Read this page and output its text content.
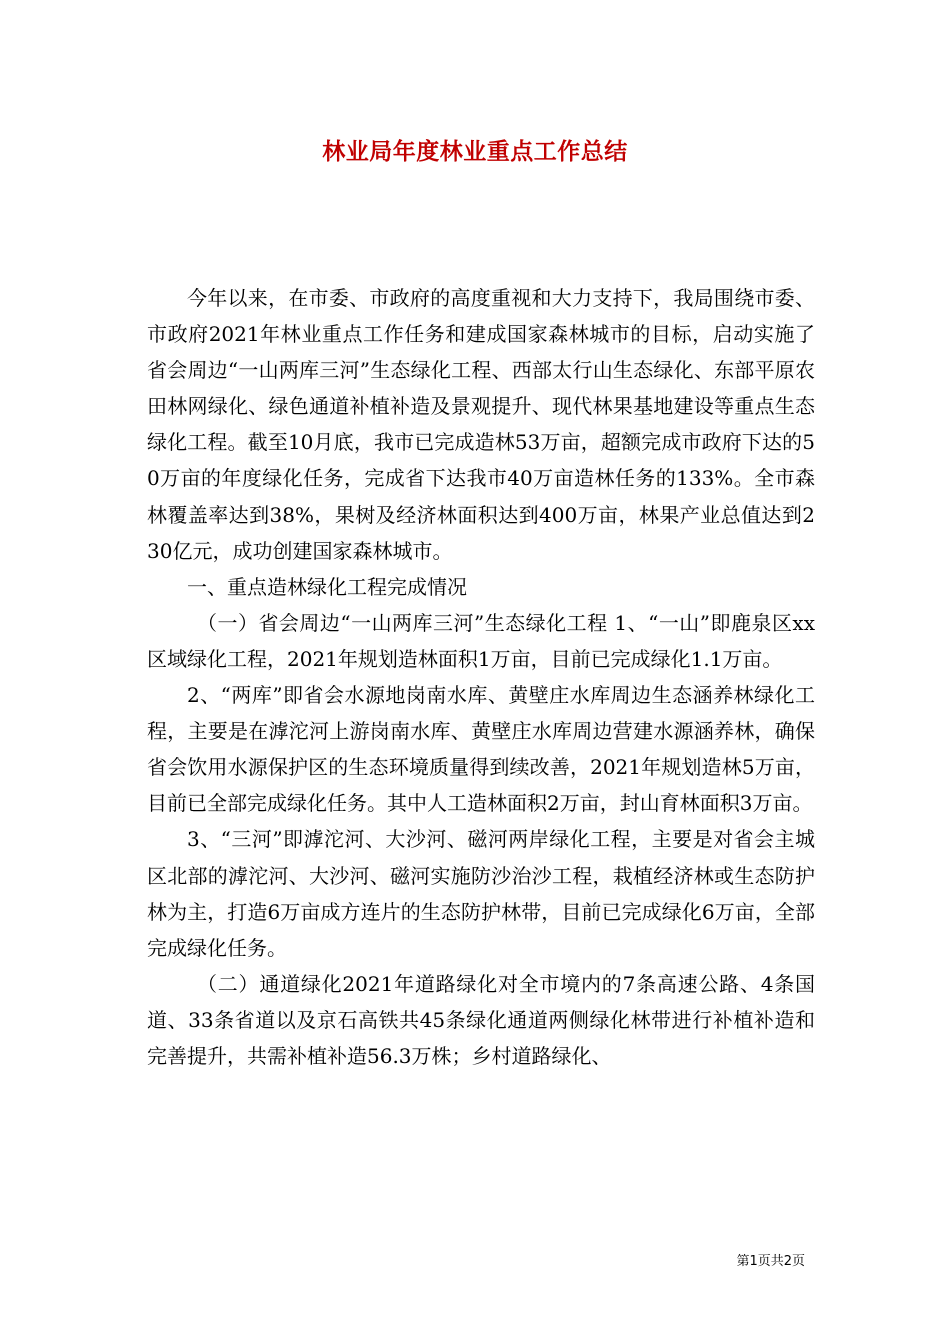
林业局年度林业重点工作总结

今年以来，在市委、市政府的高度重视和大力支持下，我局围绕市委、市政府2021年林业重点工作任务和建成国家森林城市的目标，启动实施了省会周边“一山两库三河”生态绿化工程、西部太行山生态绿化、东部平原农田林网绿化、绿色通道补植补造及景观提升、现代林果基地建设等重点生态绿化工程。截至10月底，我市已完成造林53万亩，超额完成市政府下达的50万亩的年度绿化任务，完成省下达我市40万亩造林任务的133%。全市森林覆盖率达到38%，果树及经济林面积达到400万亩，林果产业总值达到230亿元，成功创建国家森林城市。

一、重点造林绿化工程完成情况

（一）省会周边“一山两库三河”生态绿化工程 1、“一山”即鹿泉区xx区域绿化工程，2021年规划造林面积1万亩，目前已完成绿化1.1万亩。

2、“两库”即省会水源地岗南水库、黄壁庄水库周边生态涵养林绿化工程，主要是在滹沱河上游岗南水库、黄壁庄水库周边营建水源涵养林，确保省会饮用水源保护区的生态环境质量得到续改善，2021年规划造林5万亩，目前已全部完成绿化任务。其中人工造林面积2万亩，封山育林面积3万亩。

3、“三河”即滹沱河、大沙河、磁河两岸绿化工程，主要是对省会主城区北部的滹沱河、大沙河、磁河实施防沙治沙工程，栽植经济林或生态防护林为主，打造6万亩成方连片的生态防护林带，目前已完成绿化6万亩，全部完成绿化任务。

（二）通道绿化2021年道路绿化对全市境内的7条高速公路、4条国道、33条省道以及京石高铁共45条绿化通道两侧绿化林带进行补植补造和完善提升，共需补植补造56.3万株；乡村道路绿化、

第1页共2页
